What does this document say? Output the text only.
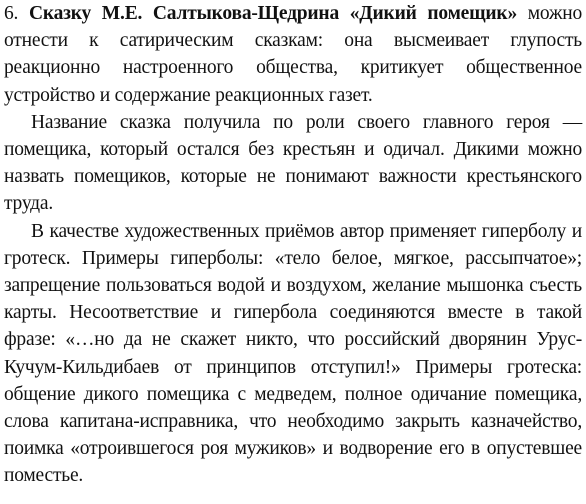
6. Сказку М.Е. Салтыкова-Щедрина «Дикий помещик» можно отнести к сатирическим сказкам: она высмеивает глупость реакционно настроенного общества, критикует общественное устройство и содержание реакционных газет.

Название сказка получила по роли своего главного героя — помещика, который остался без крестьян и одичал. Дикими можно назвать помещиков, которые не понимают важности крестьянского труда.

В качестве художественных приёмов автор применяет гиперболу и гротеск. Примеры гиперболы: «тело белое, мягкое, рассыпчатое»; запрещение пользоваться водой и воздухом, желание мышонка съесть карты. Несоответствие и гипербола соединяются вместе в такой фразе: «…но да не скажет никто, что российский дворянин Урус-Кучум-Кильдибаев от принципов отступил!» Примеры гротеска: общение дикого помещика с медведем, полное одичание помещика, слова капитана-исправника, что необходимо закрыть казначейство, поимка «отроившегося роя мужиков» и водворение его в опустевшее поместье.
